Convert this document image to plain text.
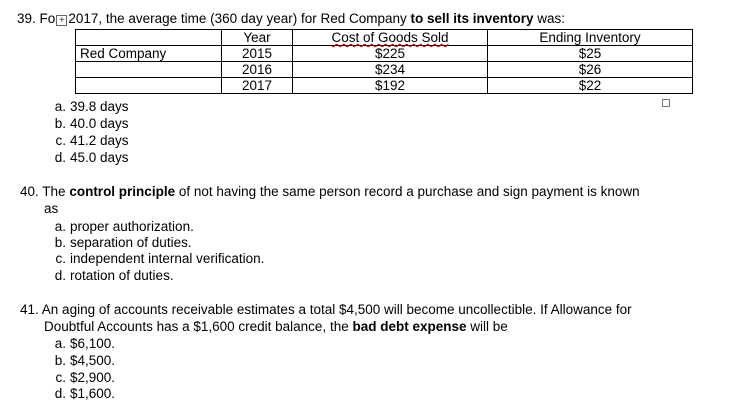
39. Fo + 2017, the average time (360 day year) for Red Company to sell its inventory was:
	Year	Cost of Goods Sold	Ending Inventory
Red Company	2015	$225	$25
	2016	$234	$26
	2017	$192	$22
a. 39.8 days
b. 40.0 days
c. 41.2 days
d. 45.0 days
40. The control principle of not having the same person record a purchase and sign payment is known
as
a. proper authorization.
b. separation of duties.
c. independent internal verification.
d. rotation of duties.
41. An aging of accounts receivable estimates a total $4,500 will become uncollectible. If Allowance for
Doubtful Accounts has a $1,600 credit balance, the bad debt expense will be
a. $6,100.
b. $4,500.
c. $2,900.
d. $1,600.
